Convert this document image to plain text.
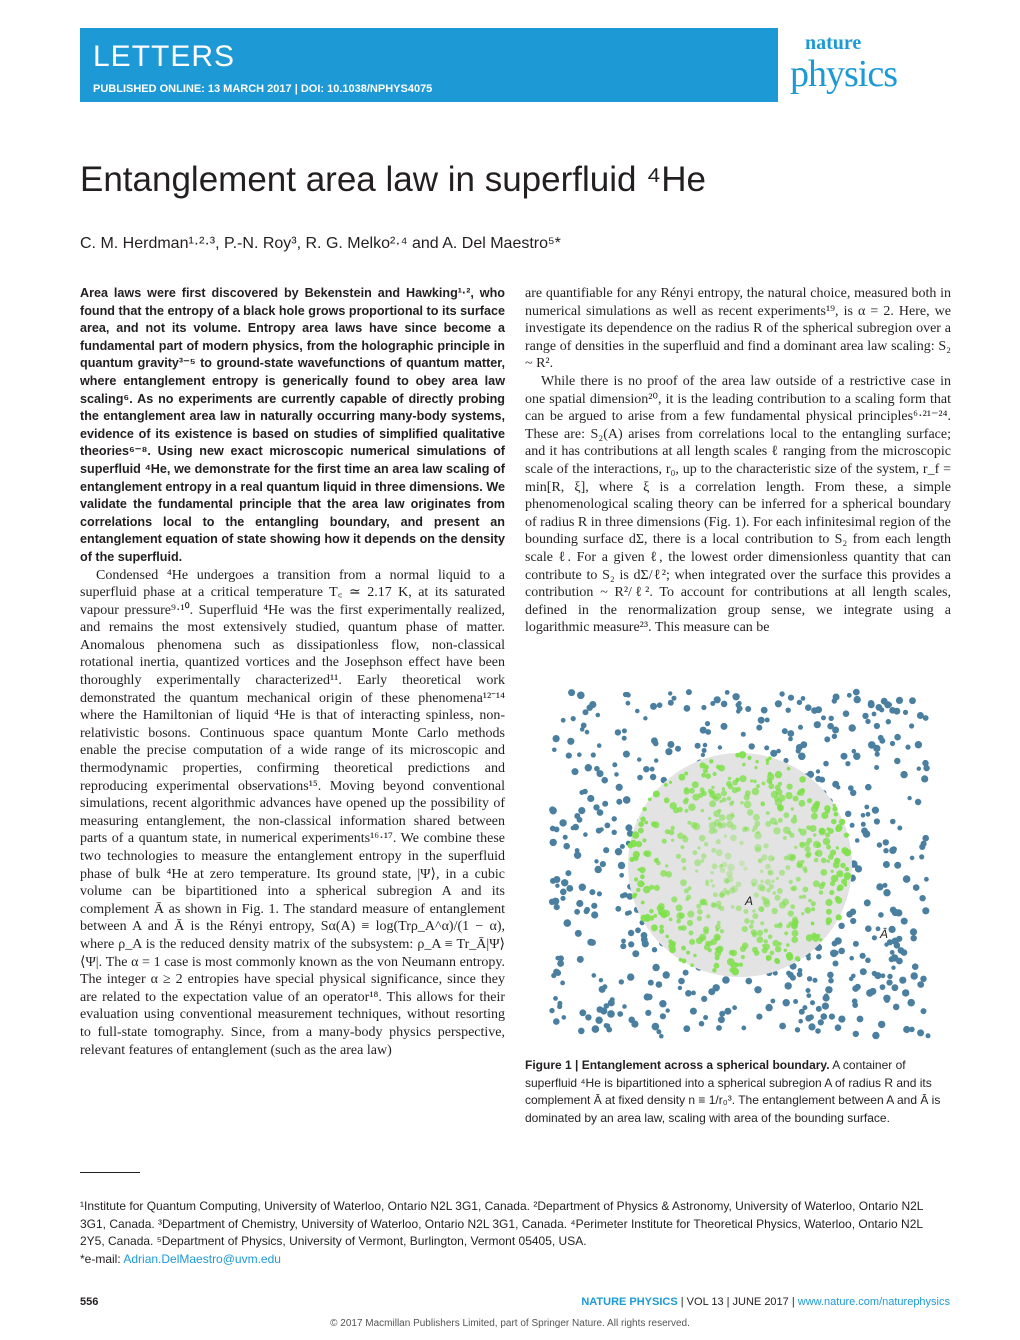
LETTERS
PUBLISHED ONLINE: 13 MARCH 2017 | DOI: 10.1038/NPHYS4075
nature
physics
Entanglement area law in superfluid ⁴He
C. M. Herdman¹·²·³, P.-N. Roy³, R. G. Melko²·⁴ and A. Del Maestro⁵*

Area laws were first discovered by Bekenstein and Hawking¹·², who found that the entropy of a black hole grows proportional to its surface area, and not its volume. Entropy area laws have since become a fundamental part of modern physics, from the holographic principle in quantum gravity³⁻⁵ to ground-state wavefunctions of quantum matter, where entanglement entropy is generically found to obey area law scaling⁶. As no experiments are currently capable of directly probing the entanglement area law in naturally occurring many-body systems, evidence of its existence is based on studies of simplified qualitative theories⁶⁻⁸. Using new exact microscopic numerical simulations of superfluid ⁴He, we demonstrate for the first time an area law scaling of entanglement entropy in a real quantum liquid in three dimensions. We validate the fundamental principle that the area law originates from correlations local to the entangling boundary, and present an entanglement equation of state showing how it depends on the density of the superfluid.

Condensed ⁴He undergoes a transition from a normal liquid to a superfluid phase at a critical temperature T꜀ ≃ 2.17 K, at its saturated vapour pressure⁹·¹⁰. Superfluid ⁴He was the first experimentally realized, and remains the most extensively studied, quantum phase of matter. Anomalous phenomena such as dissipationless flow, non-classical rotational inertia, quantized vortices and the Josephson effect have been thoroughly experimentally characterized¹¹. Early theoretical work demonstrated the quantum mechanical origin of these phenomena¹²⁻¹⁴ where the Hamiltonian of liquid ⁴He is that of interacting spinless, non-relativistic bosons. Continuous space quantum Monte Carlo methods enable the precise computation of a wide range of its microscopic and thermodynamic properties, confirming theoretical predictions and reproducing experimental observations¹⁵. Moving beyond conventional simulations, recent algorithmic advances have opened up the possibility of measuring entanglement, the non-classical information shared between parts of a quantum state, in numerical experiments¹⁶·¹⁷. We combine these two technologies to measure the entanglement entropy in the superfluid phase of bulk ⁴He at zero temperature. Its ground state, |Ψ⟩, in a cubic volume can be bipartitioned into a spherical subregion A and its complement Ā as shown in Fig. 1. The standard measure of entanglement between A and Ā is the Rényi entropy, Sα(A) ≡ log(Trρ_A^α)/(1 − α), where ρ_A is the reduced density matrix of the subsystem: ρ_A ≡ Tr_Ā|Ψ⟩⟨Ψ|. The α = 1 case is most commonly known as the von Neumann entropy. The integer α ≥ 2 entropies have special physical significance, since they are related to the expectation value of an operator¹⁸. This allows for their evaluation using conventional measurement techniques, without resorting to full-state tomography. Since, from a many-body physics perspective, relevant features of entanglement (such as the area law)

are quantifiable for any Rényi entropy, the natural choice, measured both in numerical simulations as well as recent experiments¹⁹, is α = 2. Here, we investigate its dependence on the radius R of the spherical subregion over a range of densities in the superfluid and find a dominant area law scaling: S₂ ~ R².

While there is no proof of the area law outside of a restrictive case in one spatial dimension²⁰, it is the leading contribution to a scaling form that can be argued to arise from a few fundamental physical principles⁶·²¹⁻²⁴. These are: S₂(A) arises from correlations local to the entangling surface; and it has contributions at all length scales ℓ ranging from the microscopic scale of the interactions, r₀, up to the characteristic size of the system, r_f = min[R, ξ], where ξ is a correlation length. From these, a simple phenomenological scaling theory can be inferred for a spherical boundary of radius R in three dimensions (Fig. 1). For each infinitesimal region of the bounding surface dΣ, there is a local contribution to S₂ from each length scale ℓ. For a given ℓ, the lowest order dimensionless quantity that can contribute to S₂ is dΣ/ℓ²; when integrated over the surface this provides a contribution ~ R²/ℓ². To account for contributions at all length scales, defined in the renormalization group sense, we integrate using a logarithmic measure²³. This measure can be

A
Ā
Figure 1 | Entanglement across a spherical boundary. A container of superfluid ⁴He is bipartitioned into a spherical subregion A of radius R and its complement Ā at fixed density n ≡ 1/r₀³. The entanglement between A and Ā is dominated by an area law, scaling with area of the bounding surface.
¹Institute for Quantum Computing, University of Waterloo, Ontario N2L 3G1, Canada. ²Department of Physics & Astronomy, University of Waterloo, Ontario N2L 3G1, Canada. ³Department of Chemistry, University of Waterloo, Ontario N2L 3G1, Canada. ⁴Perimeter Institute for Theoretical Physics, Waterloo, Ontario N2L 2Y5, Canada. ⁵Department of Physics, University of Vermont, Burlington, Vermont 05405, USA.
*e-mail: Adrian.DelMaestro@uvm.edu
556	NATURE PHYSICS | VOL 13 | JUNE 2017 | www.nature.com/naturephysics
© 2017 Macmillan Publishers Limited, part of Springer Nature. All rights reserved.
